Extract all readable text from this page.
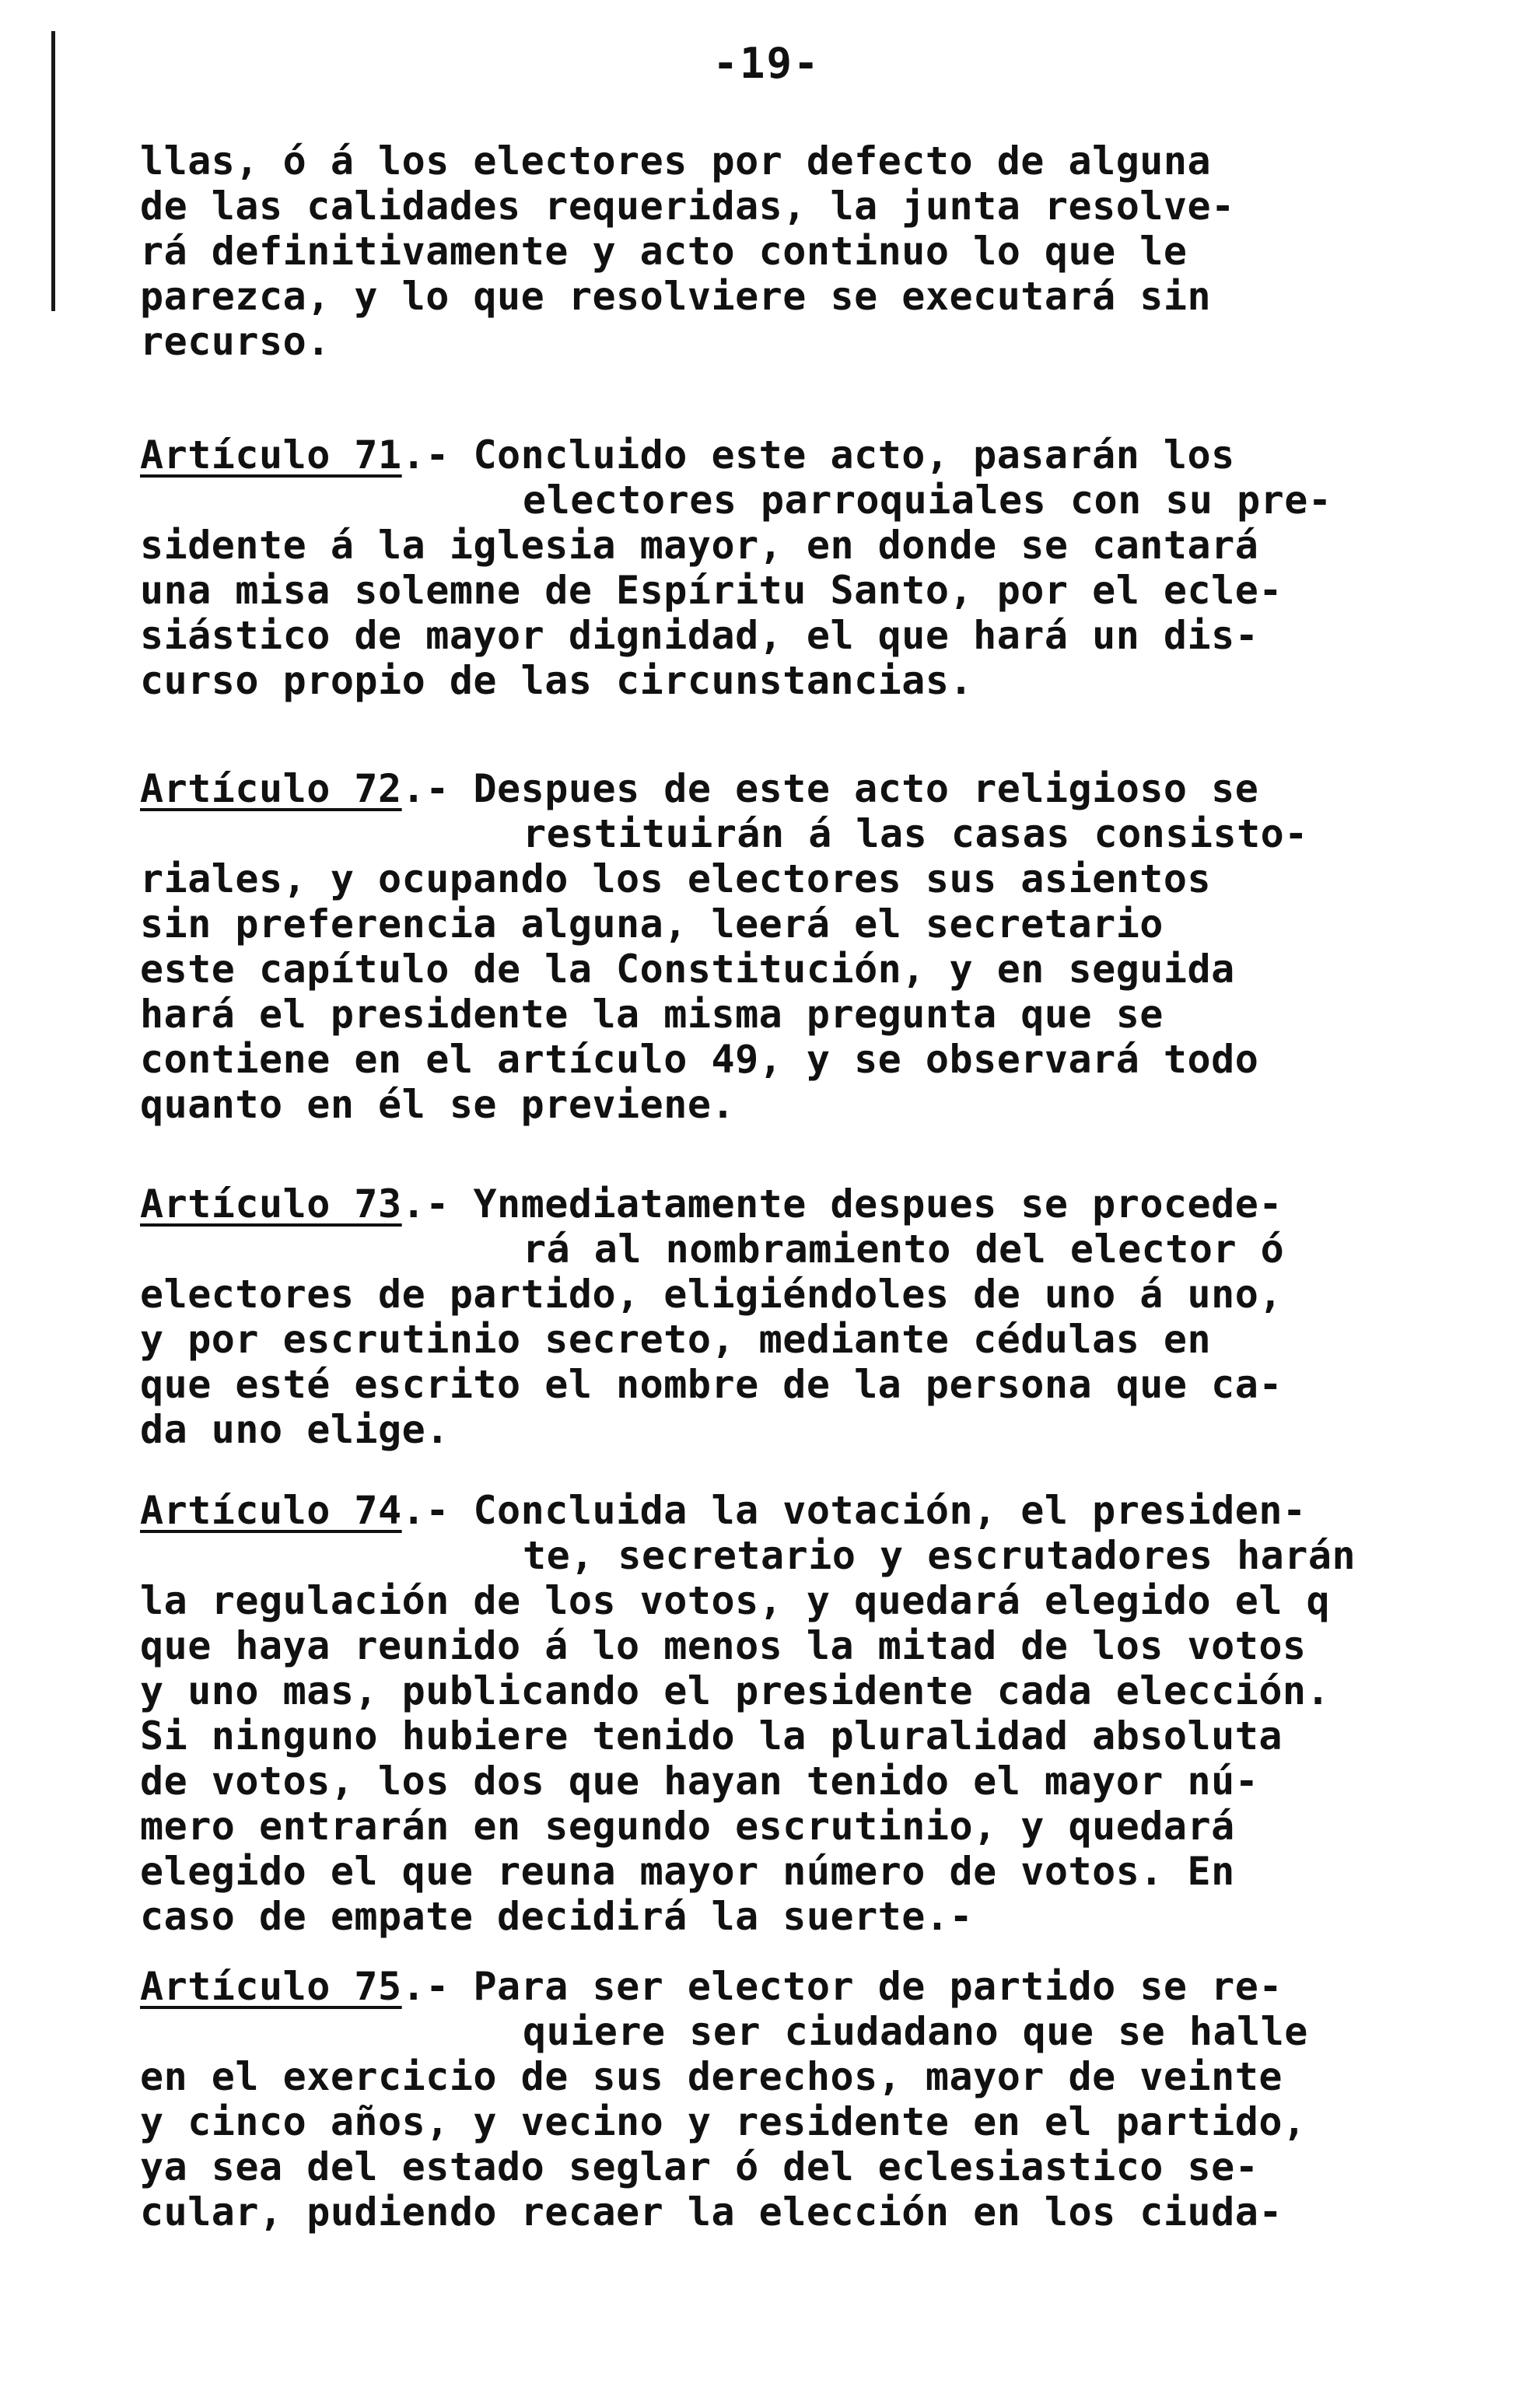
-19-
llas, ó á los electores por defecto de alguna
de las calidades requeridas, la junta resolve-
rá definitivamente y acto continuo lo que le
parezca, y lo que resolviere se executará sin
recurso.
Artículo 71.- Concluido este acto, pasarán los
electores parroquiales con su pre-
sidente á la iglesia mayor, en donde se cantará
una misa solemne de Espíritu Santo, por el ecle-
siástico de mayor dignidad, el que hará un dis-
curso propio de las circunstancias.
Artículo 72.- Despues de este acto religioso se
restituirán á las casas consisto-
riales, y ocupando los electores sus asientos
sin preferencia alguna, leerá el secretario
este capítulo de la Constitución, y en seguida
hará el presidente la misma pregunta que se
contiene en el artículo 49, y se observará todo
quanto en él se previene.
Artículo 73.- Ynmediatamente despues se procede-
rá al nombramiento del elector ó
electores de partido, eligiéndoles de uno á uno,
y por escrutinio secreto, mediante cédulas en
que esté escrito el nombre de la persona que ca-
da uno elige.
Artículo 74.- Concluida la votación, el presiden-
te, secretario y escrutadores harán
la regulación de los votos, y quedará elegido el q
que haya reunido á lo menos la mitad de los votos
y uno mas, publicando el presidente cada elección.
Si ninguno hubiere tenido la pluralidad absoluta
de votos, los dos que hayan tenido el mayor nú-
mero entrarán en segundo escrutinio, y quedará
elegido el que reuna mayor número de votos. En
caso de empate decidirá la suerte.-
Artículo 75.- Para ser elector de partido se re-
quiere ser ciudadano que se halle
en el exercicio de sus derechos, mayor de veinte
y cinco años, y vecino y residente en el partido,
ya sea del estado seglar ó del eclesiastico se-
cular, pudiendo recaer la elección en los ciuda-
